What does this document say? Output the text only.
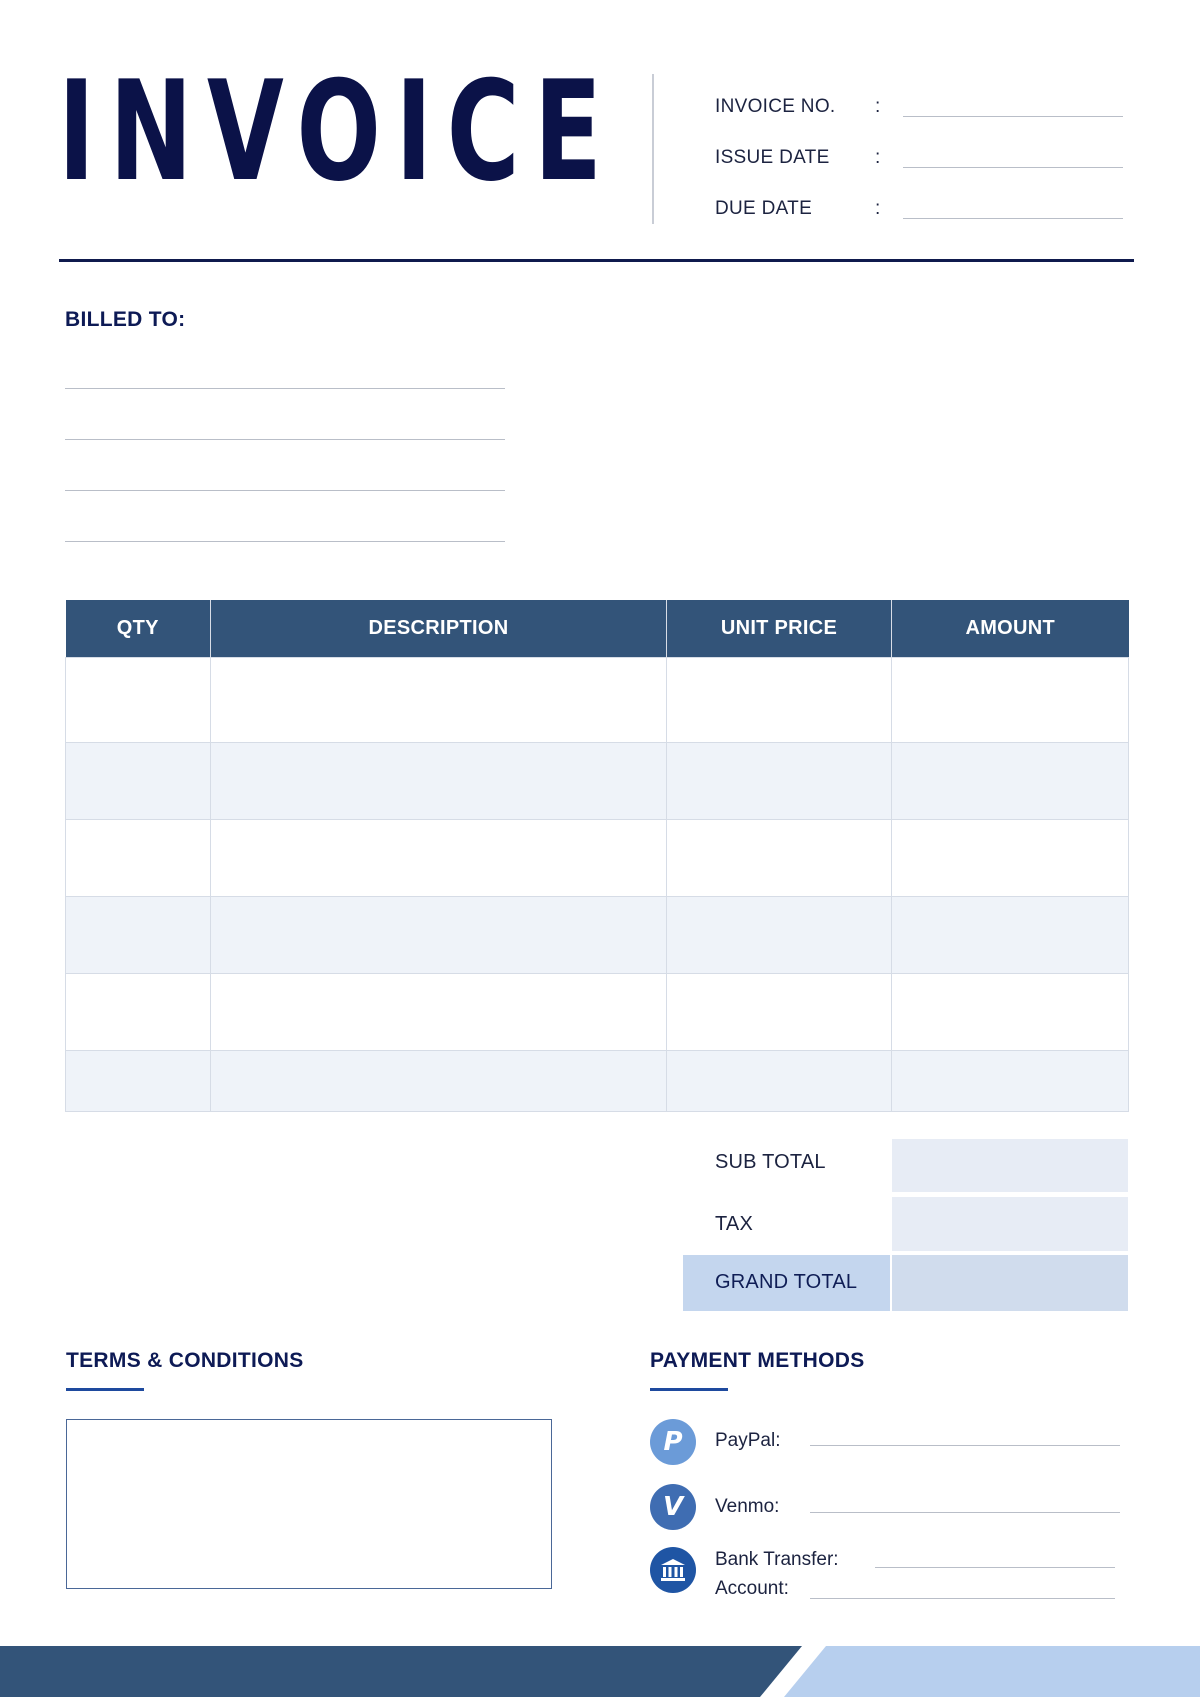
INVOICE	INVOICE NO. :
ISSUE DATE :
DUE DATE	:
BILLED TO:
QTY	DESCRIPTION	UNIT PRICE	AMOUNT

SUB TOTAL
TAX
GRAND TOTAL
TERMS & CONDITIONS	PAYMENT METHODS
P	PayPal:
V	Venmo:
Bank Transfer:
Account:
